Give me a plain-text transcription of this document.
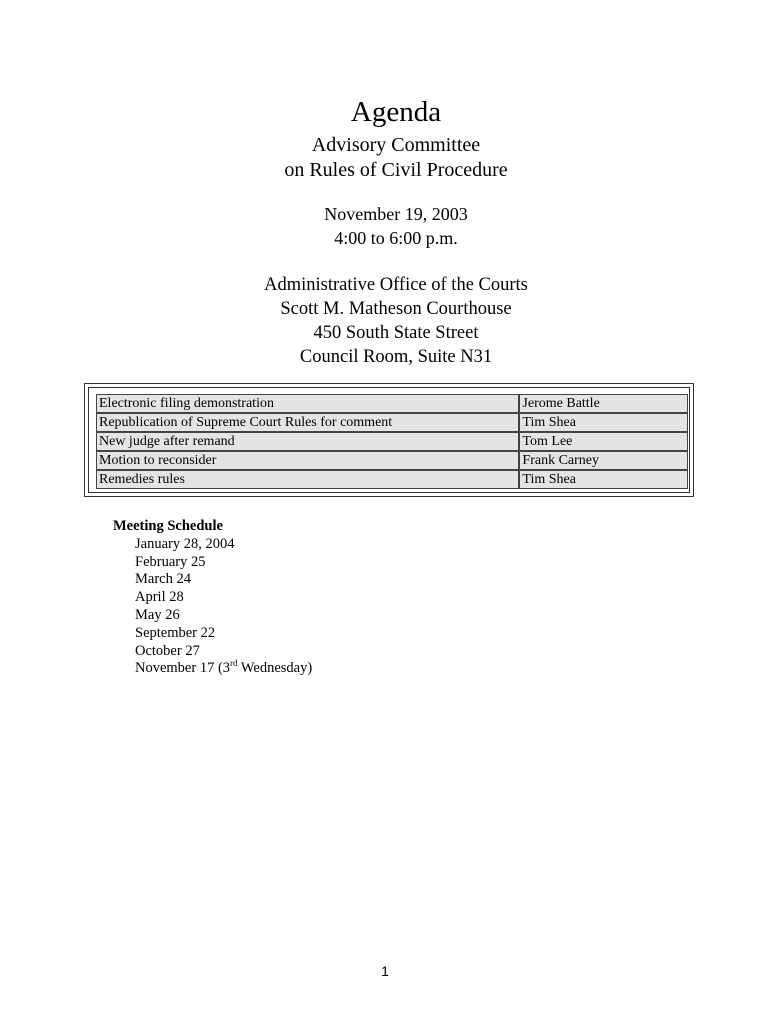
Agenda
Advisory Committee
on Rules of Civil Procedure
November 19, 2003
4:00 to 6:00 p.m.
Administrative Office of the Courts
Scott M. Matheson Courthouse
450 South State Street
Council Room, Suite N31
Electronic filing demonstration	Jerome Battle
Republication of Supreme Court Rules for comment	Tim Shea
New judge after remand	Tom Lee
Motion to reconsider	Frank Carney
Remedies rules	Tim Shea
Meeting Schedule
January 28, 2004
February 25
March 24
April 28
May 26
September 22
October 27
November 17 (3rd Wednesday)
1
